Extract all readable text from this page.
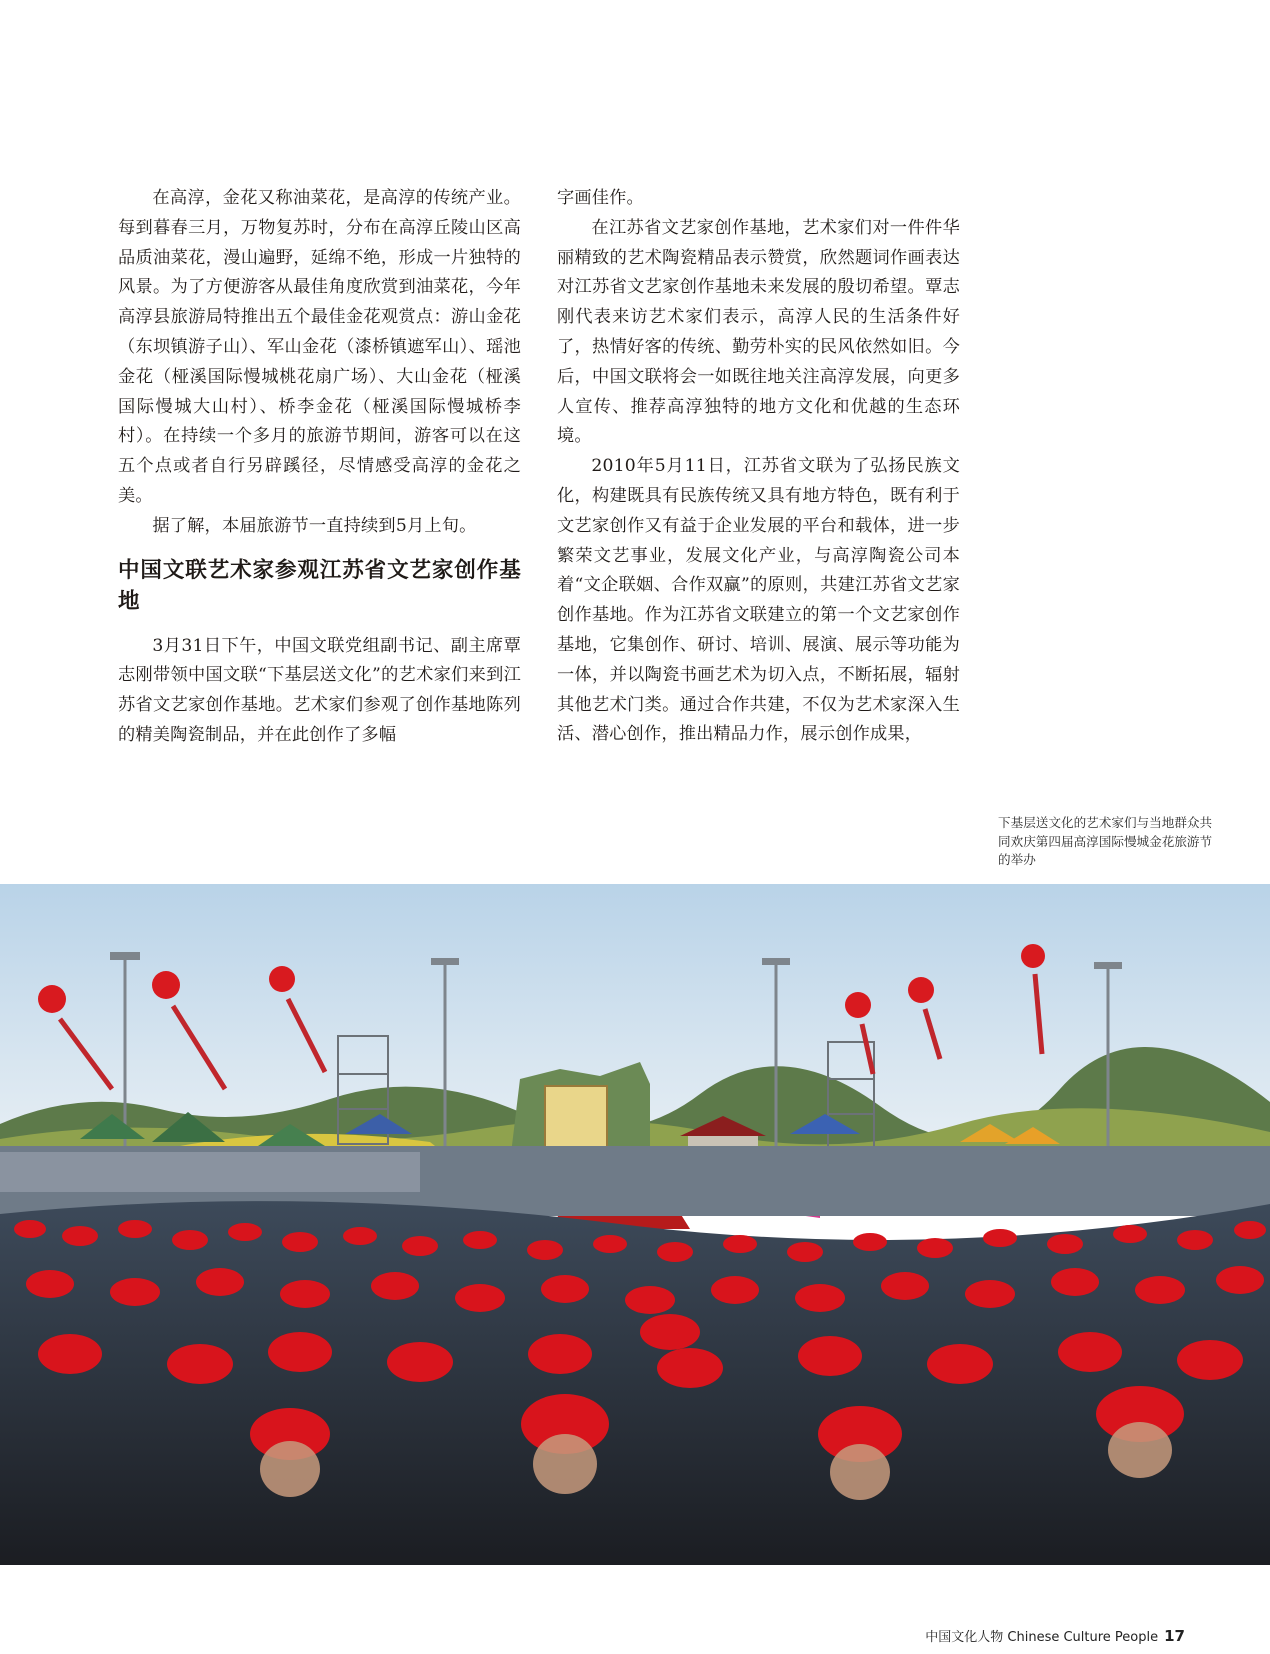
在高淳，金花又称油菜花，是高淳的传统产业。每到暮春三月，万物复苏时，分布在高淳丘陵山区高品质油菜花，漫山遍野，延绵不绝，形成一片独特的风景。为了方便游客从最佳角度欣赏到油菜花，今年高淳县旅游局特推出五个最佳金花观赏点：游山金花（东坝镇游子山）、军山金花（漆桥镇遮军山）、瑶池金花（桠溪国际慢城桃花扇广场）、大山金花（桠溪国际慢城大山村）、桥李金花（桠溪国际慢城桥李村）。在持续一个多月的旅游节期间，游客可以在这五个点或者自行另辟蹊径，尽情感受高淳的金花之美。

据了解，本届旅游节一直持续到5月上旬。

中国文联艺术家参观江苏省文艺家创作基地

3月31日下午，中国文联党组副书记、副主席覃志刚带领中国文联“下基层送文化”的艺术家们来到江苏省文艺家创作基地。艺术家们参观了创作基地陈列的精美陶瓷制品，并在此创作了多幅

字画佳作。

在江苏省文艺家创作基地，艺术家们对一件件华丽精致的艺术陶瓷精品表示赞赏，欣然题词作画表达对江苏省文艺家创作基地未来发展的殷切希望。覃志刚代表来访艺术家们表示，高淳人民的生活条件好了，热情好客的传统、勤劳朴实的民风依然如旧。今后，中国文联将会一如既往地关注高淳发展，向更多人宣传、推荐高淳独特的地方文化和优越的生态环境。

2010年5月11日，江苏省文联为了弘扬民族文化，构建既具有民族传统又具有地方特色，既有利于文艺家创作又有益于企业发展的平台和载体，进一步繁荣文艺事业，发展文化产业，与高淳陶瓷公司本着“文企联姻、合作双赢”的原则，共建江苏省文艺家创作基地。作为江苏省文联建立的第一个文艺家创作基地，它集创作、研讨、培训、展演、展示等功能为一体，并以陶瓷书画艺术为切入点，不断拓展，辐射其他艺术门类。通过合作共建，不仅为艺术家深入生活、潜心创作，推出精品力作，展示创作成果，

下基层送文化的艺术家们与当地群众共同欢庆第四届高淳国际慢城金花旅游节的举办
中国文化人物 Chinese Culture People 17
